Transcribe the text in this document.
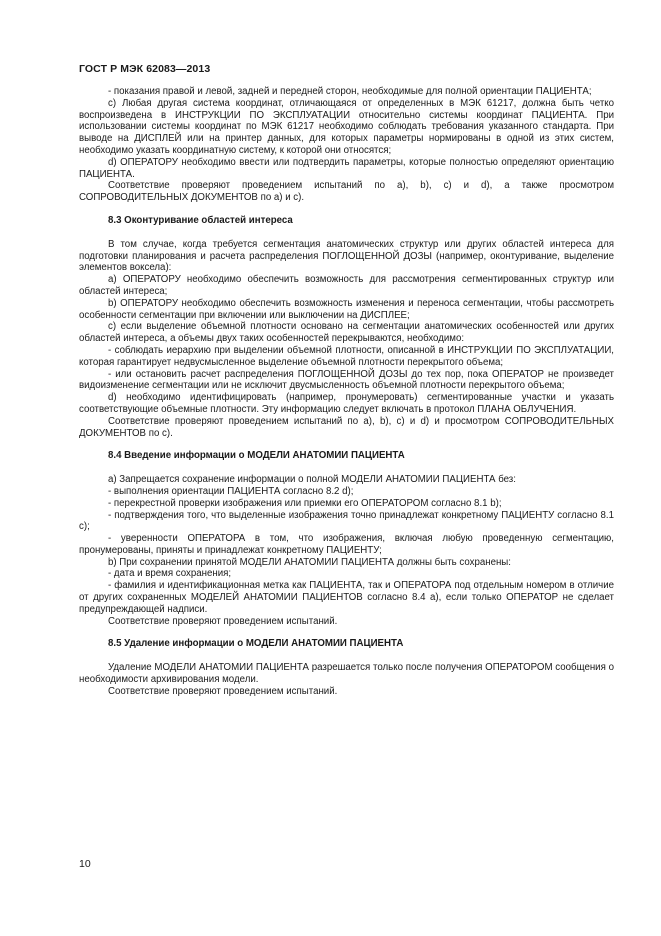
ГОСТ Р МЭК 62083—2013

- показания правой и левой, задней и передней сторон, необходимые для полной ориентации ПАЦИЕНТА;

c) Любая другая система координат, отличающаяся от определенных в МЭК 61217, должна быть четко воспроизведена в ИНСТРУКЦИИ ПО ЭКСПЛУАТАЦИИ относительно системы координат ПАЦИЕНТА. При использовании системы координат по МЭК 61217 необходимо соблюдать требования указанного стандарта. При выводе на ДИСПЛЕЙ или на принтер данных, для которых параметры нормированы в одной из этих систем, необходимо указать координатную систему, к которой они относятся;

d) ОПЕРАТОРУ необходимо ввести или подтвердить параметры, которые полностью определяют ориентацию ПАЦИЕНТА.

Соответствие проверяют проведением испытаний по a), b), c) и d), а также просмотром СОПРОВОДИТЕЛЬНЫХ ДОКУМЕНТОВ по a) и c).

8.3 Оконтуривание областей интереса

В том случае, когда требуется сегментация анатомических структур или других областей интереса для подготовки планирования и расчета распределения ПОГЛОЩЕННОЙ ДОЗЫ (например, оконтуривание, выделение элементов воксела):

a) ОПЕРАТОРУ необходимо обеспечить возможность для рассмотрения сегментированных структур или областей интереса;

b) ОПЕРАТОРУ необходимо обеспечить возможность изменения и переноса сегментации, чтобы рассмотреть особенности сегментации при включении или выключении на ДИСПЛЕЕ;

c) если выделение объемной плотности основано на сегментации анатомических особенностей или других областей интереса, а объемы двух таких особенностей перекрываются, необходимо:

- соблюдать иерархию при выделении объемной плотности, описанной в ИНСТРУКЦИИ ПО ЭКСПЛУАТАЦИИ, которая гарантирует недвусмысленное выделение объемной плотности перекрытого объема;

- или остановить расчет распределения ПОГЛОЩЕННОЙ ДОЗЫ до тех пор, пока ОПЕРАТОР не произведет видоизменение сегментации или не исключит двусмысленность объемной плотности перекрытого объема;

d) необходимо идентифицировать (например, пронумеровать) сегментированные участки и указать соответствующие объемные плотности. Эту информацию следует включать в протокол ПЛАНА ОБЛУЧЕНИЯ.

Соответствие проверяют проведением испытаний по a), b), c) и d) и просмотром СОПРОВОДИТЕЛЬНЫХ ДОКУМЕНТОВ по c).

8.4 Введение информации о МОДЕЛИ АНАТОМИИ ПАЦИЕНТА

a) Запрещается сохранение информации о полной МОДЕЛИ АНАТОМИИ ПАЦИЕНТА без:

- выполнения ориентации ПАЦИЕНТА согласно 8.2 d);

- перекрестной проверки изображения или приемки его ОПЕРАТОРОМ согласно 8.1 b);

- подтверждения того, что выделенные изображения точно принадлежат конкретному ПАЦИЕНТУ согласно 8.1 c);

- уверенности ОПЕРАТОРА в том, что изображения, включая любую проведенную сегментацию, пронумерованы, приняты и принадлежат конкретному ПАЦИЕНТУ;

b) При сохранении принятой МОДЕЛИ АНАТОМИИ ПАЦИЕНТА должны быть сохранены:

- дата и время сохранения;

- фамилия и идентификационная метка как ПАЦИЕНТА, так и ОПЕРАТОРА под отдельным номером в отличие от других сохраненных МОДЕЛЕЙ АНАТОМИИ ПАЦИЕНТОВ согласно 8.4 a), если только ОПЕРАТОР не сделает предупреждающей надписи.

Соответствие проверяют проведением испытаний.

8.5 Удаление информации о МОДЕЛИ АНАТОМИИ ПАЦИЕНТА

Удаление МОДЕЛИ АНАТОМИИ ПАЦИЕНТА разрешается только после получения ОПЕРАТОРОМ сообщения о необходимости архивирования модели.

Соответствие проверяют проведением испытаний.

10
